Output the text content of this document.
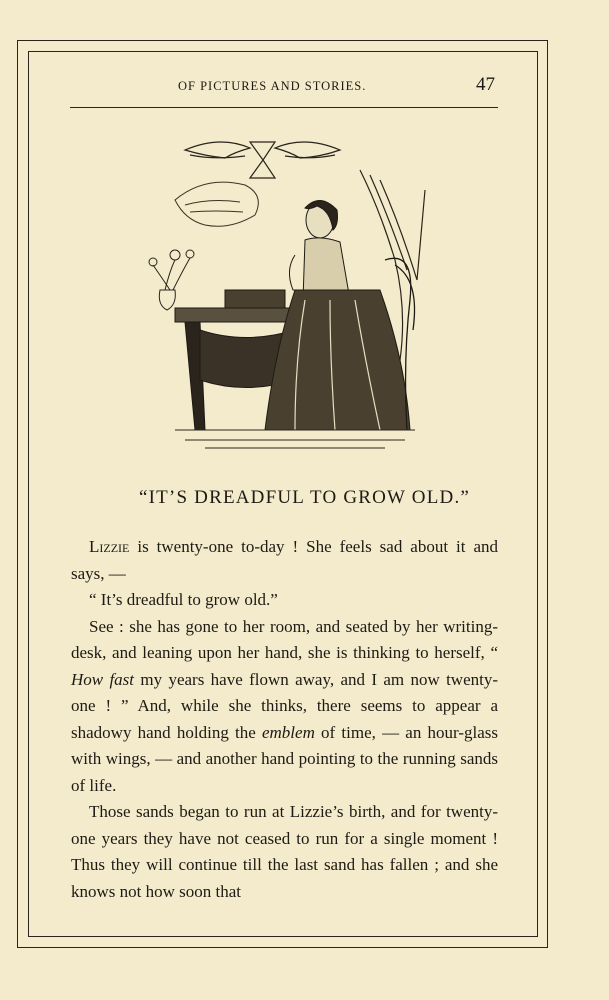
OF PICTURES AND STORIES.	47
“IT’S DREADFUL TO GROW OLD.”

Lizzie is twenty-one to-day ! She feels sad about it and says, —

“ It’s dreadful to grow old.”

See : she has gone to her room, and seated by her writing-desk, and leaning upon her hand, she is thinking to herself, “ How fast my years have flown away, and I am now twenty-one ! ” And, while she thinks, there seems to appear a shadowy hand holding the emblem of time, — an hour-glass with wings, — and another hand pointing to the running sands of life.

Those sands began to run at Lizzie’s birth, and for twenty-one years they have not ceased to run for a single moment ! Thus they will continue till the last sand has fallen ; and she knows not how soon that
